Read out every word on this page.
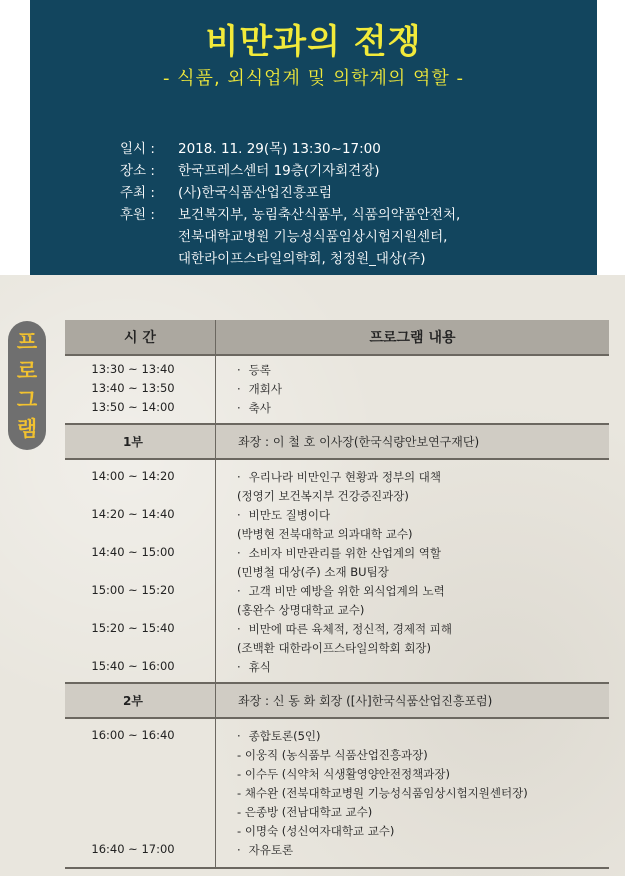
비만과의 전쟁
- 식품, 외식업계 및 의학계의 역할 -
일시 :	2018. 11. 29(목) 13:30~17:00
장소 :	한국프레스센터 19층(기자회견장)
주최 :	(사)한국식품산업진흥포럼
후원 :	보건복지부, 농림축산식품부, 식품의약품안전처,
전북대학교병원 기능성식품임상시험지원센터,
대한라이프스타일의학회, 청정원_대상(주)
프
로
그
램
시 간	프로그램 내용
13:30 ~ 13:40	· 등록
13:40 ~ 13:50	· 개회사
13:50 ~ 14:00	· 축사
1부	좌장 : 이 철 호 이사장(한국식량안보연구재단)
14:00 ~ 14:20	· 우리나라 비만인구 현황과 정부의 대책
(정영기 보건복지부 건강증진과장)
14:20 ~ 14:40	· 비만도 질병이다
(박병현 전북대학교 의과대학 교수)
14:40 ~ 15:00	· 소비자 비만관리를 위한 산업계의 역할
(민병철 대상(주) 소재 BU팀장
15:00 ~ 15:20	· 고객 비만 예방을 위한 외식업계의 노력
(홍완수 상명대학교 교수)
15:20 ~ 15:40	· 비만에 따른 육체적, 정신적, 경제적 피해
(조백환 대한라이프스타일의학회 회장)
15:40 ~ 16:00	· 휴식
2부	좌장 : 신 동 화 회장 ([사]한국식품산업진흥포럼)
16:00 ~ 16:40	· 종합토론(5인)
- 이웅직 (농식품부 식품산업진흥과장)
- 이수두 (식약처 식생활영양안전정책과장)
- 채수완 (전북대학교병원 기능성식품임상시험지원센터장)
- 은종방 (전남대학교 교수)
- 이명숙 (성신여자대학교 교수)
16:40 ~ 17:00	· 자유토론
